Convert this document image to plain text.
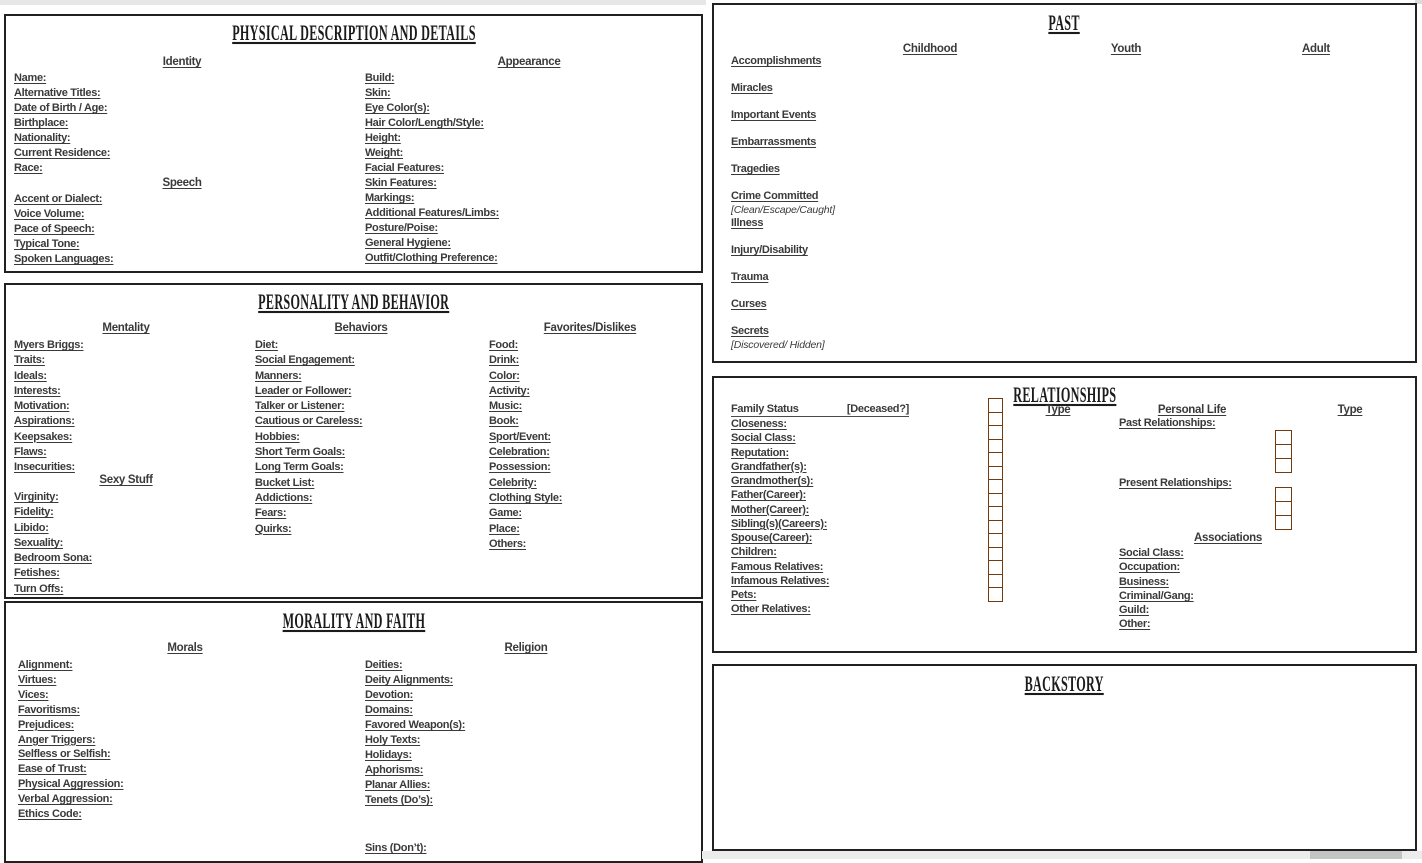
PHYSICAL DESCRIPTION AND DETAILS
Identity	Appearance
Name:
Alternative Titles:
Date of Birth / Age:
Birthplace:
Nationality:
Current Residence:
Race:
Speech
Accent or Dialect:
Voice Volume:
Pace of Speech:
Typical Tone:
Spoken Languages:
Build:
Skin:
Eye Color(s):
Hair Color/Length/Style:
Height:
Weight:
Facial Features:
Skin Features:
Markings:
Additional Features/Limbs:
Posture/Poise:
General Hygiene:
Outfit/Clothing Preference:
PERSONALITY AND BEHAVIOR
Mentality	Behaviors	Favorites/Dislikes
Myers Briggs:
Traits:
Ideals:
Interests:
Motivation:
Aspirations:
Keepsakes:
Flaws:
Insecurities:
Sexy Stuff
Virginity:
Fidelity:
Libido:
Sexuality:
Bedroom Sona:
Fetishes:
Turn Offs:
Diet:
Social Engagement:
Manners:
Leader or Follower:
Talker or Listener:
Cautious or Careless:
Hobbies:
Short Term Goals:
Long Term Goals:
Bucket List:
Addictions:
Fears:
Quirks:
Food:
Drink:
Color:
Activity:
Music:
Book:
Sport/Event:
Celebration:
Possession:
Celebrity:
Clothing Style:
Game:
Place:
Others:
MORALITY AND FAITH
Morals	Religion
Alignment:
Virtues:
Vices:
Favoritisms:
Prejudices:
Anger Triggers:
Selfless or Selfish:
Ease of Trust:
Physical Aggression:
Verbal Aggression:
Ethics Code:
Deities:
Deity Alignments:
Devotion:
Domains:
Favored Weapon(s):
Holy Texts:
Holidays:
Aphorisms:
Planar Allies:
Tenets (Do’s):
Sins (Don’t):
PAST
Childhood	Youth	Adult
Accomplishments
Miracles
Important Events
Embarrassments
Tragedies
Crime Committed
[Clean/Escape/Caught]
Illness
Injury/Disability
Trauma
Curses
Secrets
[Discovered/ Hidden]
RELATIONSHIPS
Family Status	[Deceased?]	Type	Personal Life	Type
Closeness:
Social Class:
Reputation:
Grandfather(s):
Grandmother(s):
Father(Career):
Mother(Career):
Sibling(s)(Careers):
Spouse(Career):
Children:
Famous Relatives:
Infamous Relatives:
Pets:
Other Relatives:
Past Relationships:
Present Relationships:
Associations
Social Class:
Occupation:
Business:
Criminal/Gang:
Guild:
Other:
BACKSTORY
